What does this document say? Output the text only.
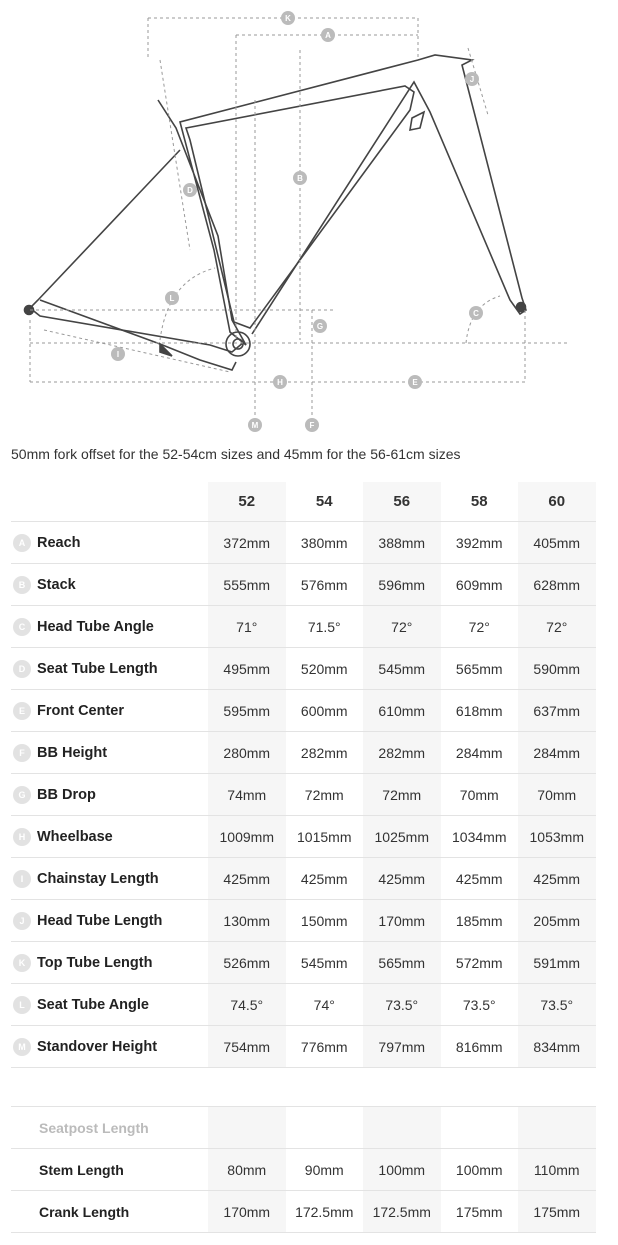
K
A
J
B
D
L
G
C
I
H	E
M	F
50mm fork offset for the 52-54cm sizes and 45mm for the 56-61cm sizes
	52	54	56	58	60
A Reach	372mm	380mm	388mm	392mm	405mm
B Stack	555mm	576mm	596mm	609mm	628mm
C Head Tube Angle	71°	71.5°	72°	72°	72°
D Seat Tube Length	495mm	520mm	545mm	565mm	590mm
E Front Center	595mm	600mm	610mm	618mm	637mm
F BB Height	280mm	282mm	282mm	284mm	284mm
G BB Drop	74mm	72mm	72mm	70mm	70mm
H Wheelbase	1009mm	1015mm	1025mm	1034mm	1053mm
I Chainstay Length	425mm	425mm	425mm	425mm	425mm
J Head Tube Length	130mm	150mm	170mm	185mm	205mm
K Top Tube Length	526mm	545mm	565mm	572mm	591mm
L Seat Tube Angle	74.5°	74°	73.5°	73.5°	73.5°
M Standover Height	754mm	776mm	797mm	816mm	834mm
Seatpost Length					
Stem Length	80mm	90mm	100mm	100mm	110mm
Crank Length	170mm	172.5mm	172.5mm	175mm	175mm
